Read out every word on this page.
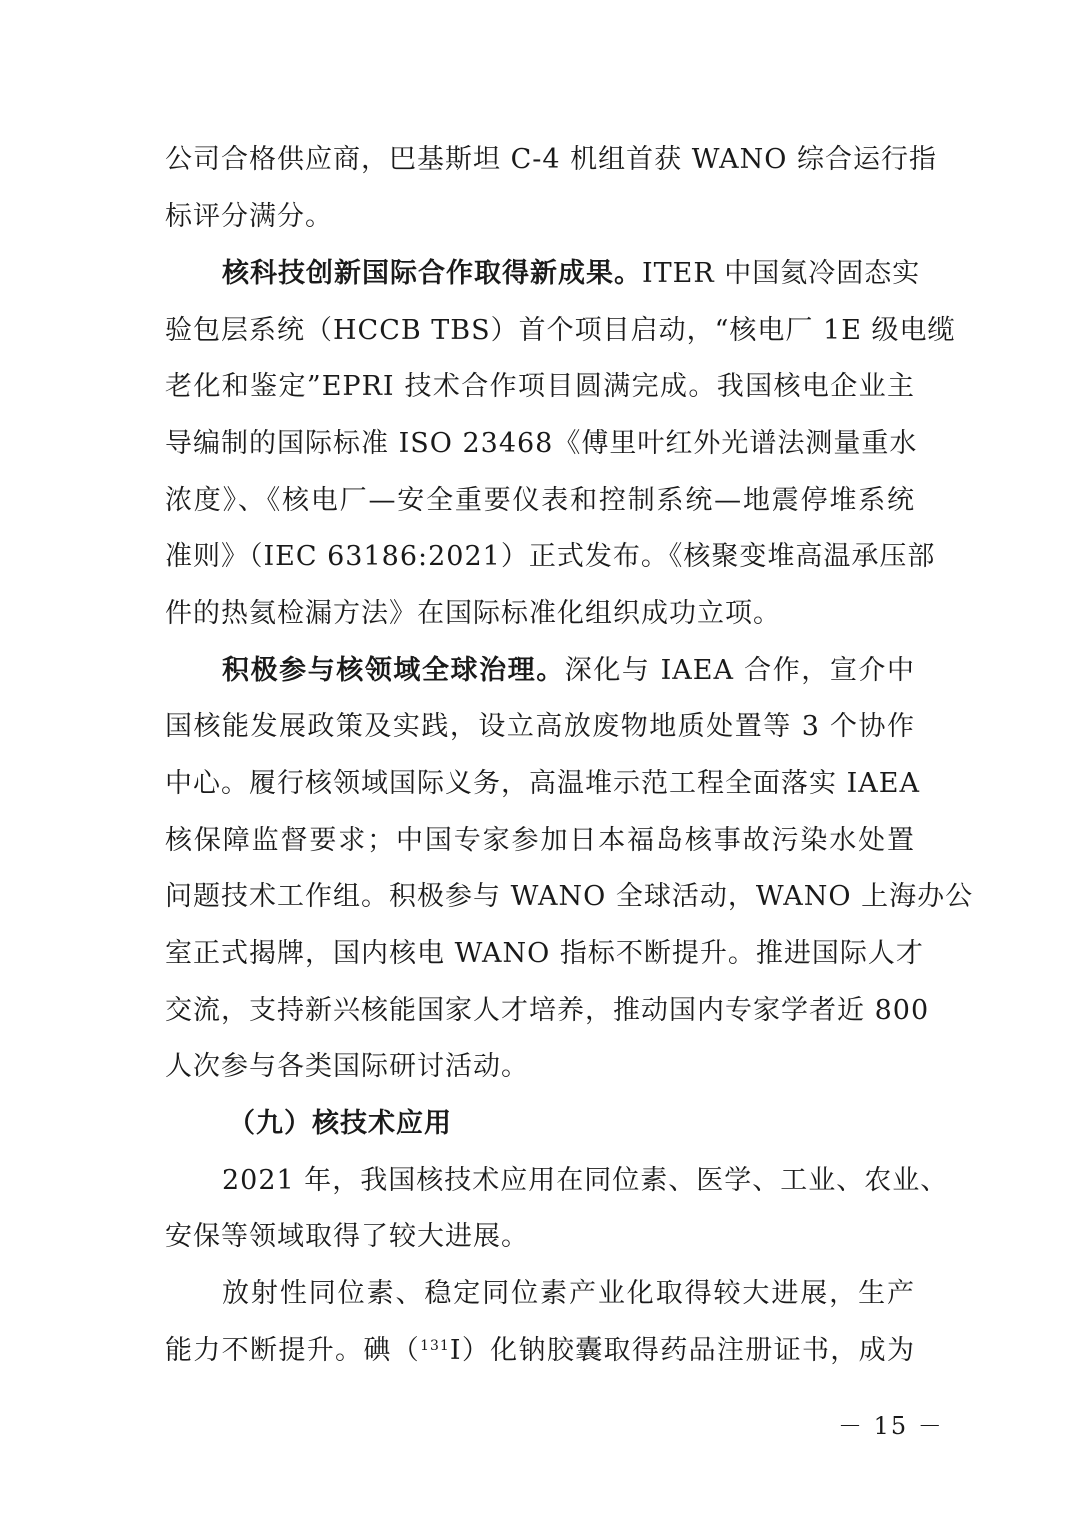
公司合格供应商，巴基斯坦 C-4 机组首获 WANO 综合运行指
标评分满分。
核科技创新国际合作取得新成果。ITER 中国氦冷固态实
验包层系统（HCCB TBS）首个项目启动，“核电厂 1E 级电缆
老化和鉴定”EPRI 技术合作项目圆满完成。我国核电企业主
导编制的国际标准 ISO 23468《傅里叶红外光谱法测量重水
浓度》、《核电厂—安全重要仪表和控制系统—地震停堆系统
准则》（IEC 63186:2021）正式发布。《核聚变堆高温承压部
件的热氦检漏方法》在国际标准化组织成功立项。
积极参与核领域全球治理。深化与 IAEA 合作，宣介中
国核能发展政策及实践，设立高放废物地质处置等 3 个协作
中心。履行核领域国际义务，高温堆示范工程全面落实 IAEA
核保障监督要求；中国专家参加日本福岛核事故污染水处置
问题技术工作组。积极参与 WANO 全球活动，WANO 上海办公
室正式揭牌，国内核电 WANO 指标不断提升。推进国际人才
交流，支持新兴核能国家人才培养，推动国内专家学者近 800
人次参与各类国际研讨活动。
（九）核技术应用
2021 年，我国核技术应用在同位素、医学、工业、农业、
安保等领域取得了较大进展。
放射性同位素、稳定同位素产业化取得较大进展，生产
能力不断提升。碘（$^{131}$I）化钠胶囊取得药品注册证书，成为
－ 15 －
